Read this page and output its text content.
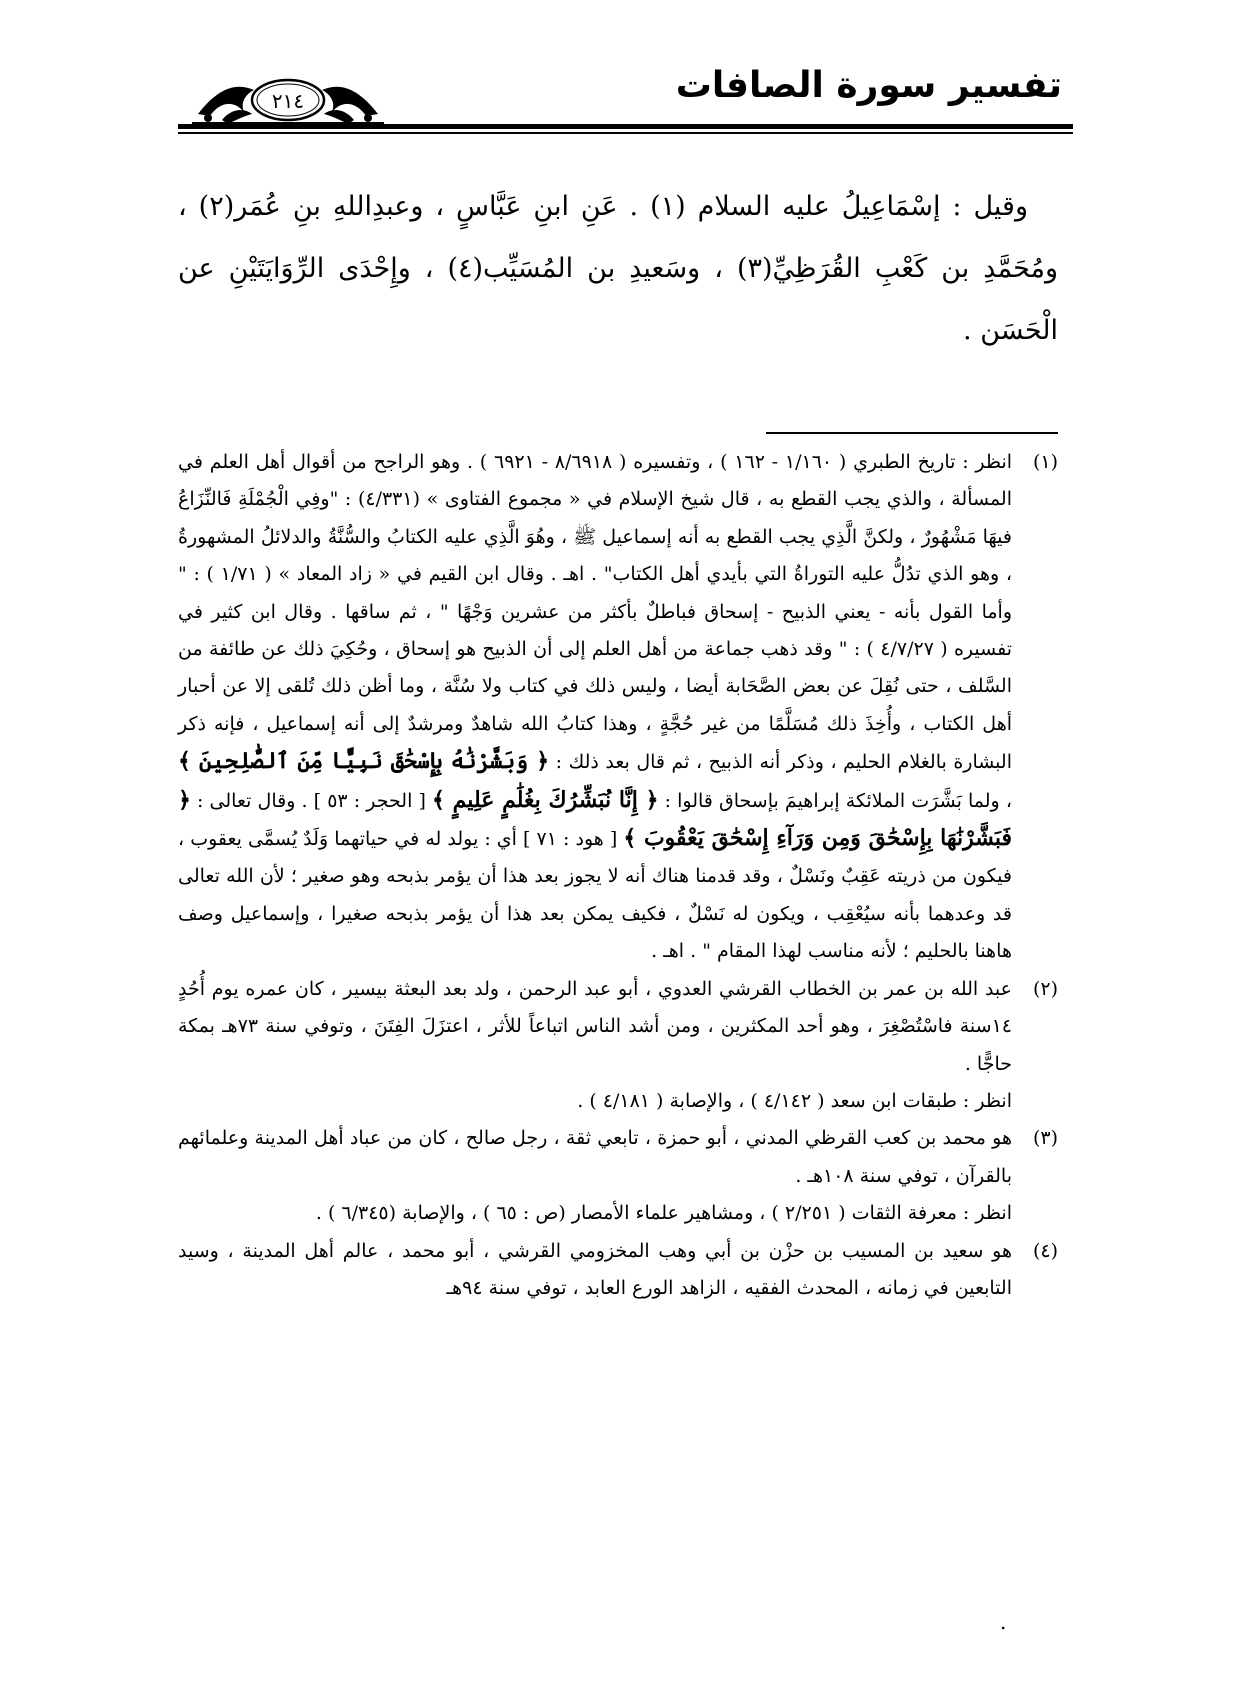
تفسير سورة الصافات
٢١٤

وقيل : إسْمَاعِيلُ عليه السلام (١) . عَنِ ابنِ عَبَّاسٍ ، وعبدِاللهِ بنِ عُمَر(٢) ، ومُحَمَّدِ بن كَعْبِ القُرَظِيِّ(٣) ، وسَعيدِ بن المُسَيِّب(٤) ، وإِحْدَى الرِّوَايَتَيْنِ عن الْحَسَن .

(١)
انظر : تاريخ الطبري ( ١/١٦٠ - ١٦٢ ) ، وتفسيره ( ٨/٦٩١٨ - ٦٩٢١ ) . وهو الراجح من أقوال أهل العلم في المسألة ، والذي يجب القطع به ، قال شيخ الإسلام في « مجموع الفتاوى » (٤/٣٣١) : "وفِي الْجُمْلَةِ فَالنِّزَاعُ فيهَا مَشْهُورٌ ، ولكنَّ الَّذِي يجب القطع به أنه إسماعيل ﷺ ، وهُوَ الَّذِي عليه الكتابُ والسُّنَّةُ والدلائلُ المشهورةُ ، وهو الذي تدُلُّ عليه التوراةُ التي بأيدي أهل الكتاب" . اهـ . وقال ابن القيم في « زاد المعاد » ( ١/٧١ ) : " وأما القول بأنه - يعني الذبيح - إسحاق فباطلٌ بأكثر من عشرين وَجْهًا " ، ثم ساقها . وقال ابن كثير في تفسيره ( ٤/٧/٢٧ ) : " وقد ذهب جماعة من أهل العلم إلى أن الذبيح هو إسحاق ، وحُكِيَ ذلك عن طائفة من السَّلف ، حتى نُقِلَ عن بعض الصَّحَابة أيضا ، وليس ذلك في كتاب ولا سُنَّة ، وما أظن ذلك تُلقى إلا عن أحبار أهل الكتاب ، وأُخِذَ ذلك مُسَلَّمًا من غير حُجَّةٍ ، وهذا كتابُ الله شاهدٌ ومرشدٌ إلى أنه إسماعيل ، فإنه ذكر البشارة بالغلام الحليم ، وذكر أنه الذبيح ، ثم قال بعد ذلك : ﴿ وَبَشَّرْنَٰهُ بِإِسْحَٰقَ نَبِيًّا مِّنَ ٱلصَّٰلِحِينَ ﴾ ، ولما بَشَّرَت الملائكة إبراهيمَ بإسحاق قالوا : ﴿ إِنَّا نُبَشِّرُكَ بِغُلَٰمٍ عَلِيمٍ ﴾ [ الحجر : ٥٣ ] . وقال تعالى : ﴿ فَبَشَّرْنَٰهَا بِإِسْحَٰقَ وَمِن وَرَآءِ إِسْحَٰقَ يَعْقُوبَ ﴾ [ هود : ٧١ ] أي : يولد له في حياتهما وَلَدٌ يُسمَّى يعقوب ، فيكون من ذريته عَقِبٌ ونَسْلٌ ، وقد قدمنا هناك أنه لا يجوز بعد هذا أن يؤمر بذبحه وهو صغير ؛ لأن الله تعالى قد وعدهما بأنه سيُعْقِب ، ويكون له نَسْلٌ ، فكيف يمكن بعد هذا أن يؤمر بذبحه صغيرا ، وإسماعيل وصف هاهنا بالحليم ؛ لأنه مناسب لهذا المقام " . اهـ .
(٢)
عبد الله بن عمر بن الخطاب القرشي العدوي ، أبو عبد الرحمن ، ولد بعد البعثة بيسير ، كان عمره يوم أُحُدٍ ١٤سنة فاسْتُصْغِرَ ، وهو أحد المكثرين ، ومن أشد الناس اتباعاً للأثر ، اعتزَلَ الفِتَنَ ، وتوفي سنة ٧٣هـ بمكة حاجًّا .
انظر : طبقات ابن سعد ( ٤/١٤٢ ) ، والإصابة ( ٤/١٨١ ) .
(٣)
هو محمد بن كعب القرظي المدني ، أبو حمزة ، تابعي ثقة ، رجل صالح ، كان من عباد أهل المدينة وعلمائهم بالقرآن ، توفي سنة ١٠٨هـ .
انظر : معرفة الثقات ( ٢/٢٥١ ) ، ومشاهير علماء الأمصار (ص : ٦٥ ) ، والإصابة (٦/٣٤٥ ) .
(٤)
هو سعيد بن المسيب بن حزْن بن أبي وهب المخزومي القرشي ، أبو محمد ، عالم أهل المدينة ، وسيد التابعين في زمانه ، المحدث الفقيه ، الزاهد الورع العابد ، توفي سنة ٩٤هـ
.
